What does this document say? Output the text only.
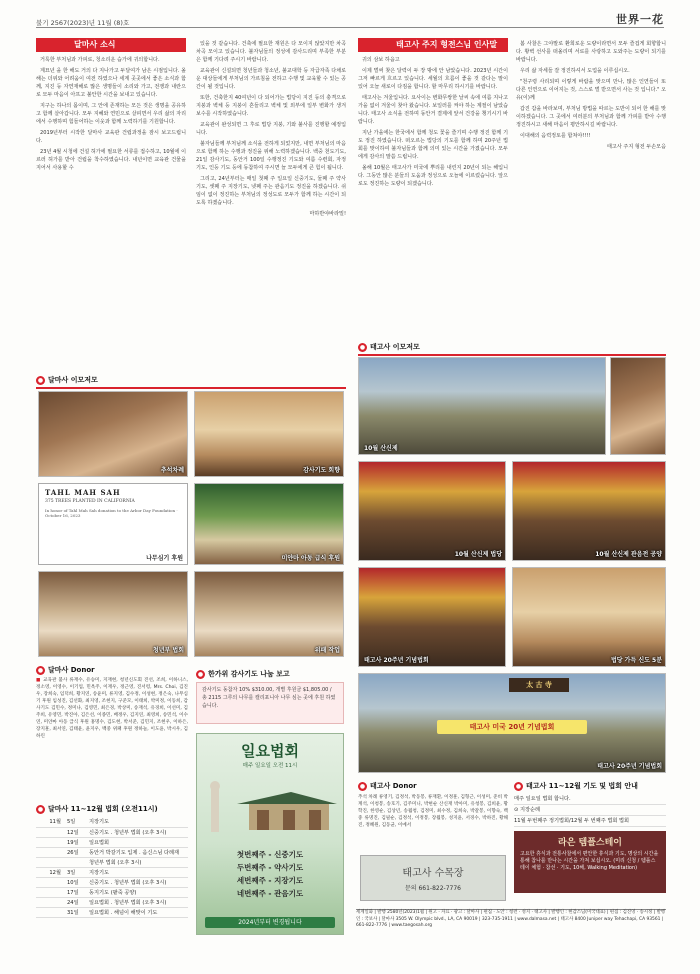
불기 2567(2023)년 11월 (8)호	世界一花
달마사 소식

거룩한 부처님과 가피로, 청소리운 습가에 귀의합니다.

계묘년 을 한 해도 거의 다 지나가고 두달여가 남은 시점입니다. 올해는 더위와 어려움이 여전 하였으나 세계 곳곳에서 좋은 소식과 함께, 지진 등 자연재해로 많은 생명들이 소리와 가고, 전쟁과 내란으로 모두 마음이 아프고 불안한 시간을 보내고 있습니다.

지구는 하나의 몸이며, 그 안에 존재하는 모든 것은 생명을 공유하고 함께 살아갑니다. 모두 지혜와 연민으로 살피면서 우리 삶의 자리에서 수행하며 힘들어하는 이웃과 함께 노력하기를 기원합니다.

2019년부터 시작한 달마사 교육관 건립과정을 잠시 보고드립니다.

23년 4월 시청에 건설 허가에 필요한 서류를 접수하고, 10월에 이르러 허가를 받아 건립을 착수하였습니다. 내년이면 교육관 건물을 지어서 사용할 수

있을 것 같습니다. 건축에 필요한 재원은 다 모이지 않았지만 차곡차곡 모이고 있습니다. 불자님들의 정성에 감사드리며 부족한 부분은 함께 기다려 주시기 바랍니다.

교육관이 신설되면 청년들과 청소년, 불교대학 등 자급자족 다채로운 대상들에게 부처님의 가르침을 전하고 수행 및 교육할 수 있는 공간이 될 것입니다.

또한, 건축한지 40여년이 다 되어가는 법당이 지진 등의 충격으로 지붕과 벽체 등 지붕이 흔들리고 벽체 및 외부에 일부 변화가 생겨 보수를 시작하였습니다.

교육관이 완성되면 그 후로 법당 지붕, 기와 불사를 진행할 예정입니다.

불자님들께 부처님께 소식을 전하게 되었지만, 내면 부처님의 마음으로 함께 하는 수행과 정진을 위해 노력하겠습니다. 백중 천도기도, 21일 감사기도, 동안거 100일 수행정진 기도와 여름 수련회, 자정기도, 인등 기도 등에 동참하여 주시면 늘 모두에게 큰 힘이 됩니다.

그리고, 24년부터는 매일 첫째 주 일요일 신중기도, 둘째 주 약사기도, 셋째 주 지장기도, 넷째 주는 관음기도 정진을 하겠습니다. 쉬임이 없이 정진하는 부처님의 정성도로 모두가 함께 하는 시간이 되도록 하겠습니다.

마하반야바라밀!

태고사 주지 형전스님 인사말

귀의 삼보 하옵고

이제 벌써 찾은 달력이 두 장 밖에 안 남았습니다. 2023년 시간이 그저 빠르게 흐르고 있습니다. 세월의 흐름이 좋을 것 같다는 말이 있어 오늘 새로이 다짐을 합니다. 할 마무리 하시기를 바랍니다.

태고사는 겨울입니다. 요사이는 변화무쌍한 날씨 속에 여름 지나고 가을 없이 겨울이 찾아 왔습니다. 보일러를 켜야 하는 계절이 남았습니다. 태고사 소식을 전하며 동안거 결제에 앞서 건강을 챙기시기 바랍니다.

지난 가을에는 한국에서 함께 청도 꽃을 즐기며 수행 정진 함께 기도 정진 하였습니다. 떠오르는 법당의 기도를 함께 하며 20주년 법회를 맞이하여 불자님들과 함께 의미 있는 시간을 가졌습니다. 모두에게 감사의 말씀 드립니다.

올해 10월은 태고사가 미국에 뿌리를 내린지 20년이 되는 해입니다. 그동안 많은 분들의 도움과 정성으로 오늘에 이르렀습니다. 앞으로도 정진하는 도량이 되겠습니다.

봄 사찰은 그야말로 환희로운 도량이라면서 모두 즐겁게 회향합니다. 황벽 선사를 떠올리며 서로를 사랑하고 도와주는 도량이 되기를 바랍니다.

우리 삶 자세들 잘 정진하셔서 도업을 이루십시오.

"천구령 사리되며 이렇게 바람을 맞으며 만나, 많은 인연들이 또 다른 인연으로 이어지는 것, 스스로 벌 받으면서 사는 것 입니다." 오유(이)께

갑진 갑을 바라보며, 부처님 방법을 따르는 도반이 되어 한 해를 맞이하겠습니다. 그 곳에서 여러분의 부처님과 함께 가피를 받아 수행정진하시고 새해 마음이 평안하시길 바랍니다.

이대해의 음력정토를 합쳐야!!!!

태고사 주지 형전 두손모음

● 달마사 이모저모
추석차례	감사기도 회향
TAHL MAH SAH
375 TREES PLANTED IN CALIFORNIA
In honor of Tahl Mah Sah donation to the Arbor Day Foundation · October 16, 2023
나무심기 후원	미얀마 아동 급식 후원
청년부 법회	위패 작업
● 태고사 이모저모
10월 산신제
10월 산신제 법당	10월 산신제 관음전 공양
태고사 20주년 기념법회	법당 가득 신도 5분
太 古 寺
태고사 미국 20년 기념법회
태고사 20주년 기념법회
● 달마사 Donor
■ 교육관 불사 류재수, 유승미, 지재현, 청년신도회 진선, 조희, 이하니스, 정소영, 이영수, 이기업, 민옥주, 이재우, 정근영, 진서령, Mrs. Choi, 김진우, 장희숙, 임덕희, 황지연, 송윤미, 류지영, 김수정, 이성현, 정은숙, 나무심기 후원 임성진, 김선화, 최지영, 조현지, 구준모, 이태희, 박미정, 이동희, 감사기도 김민수, 정미나, 김영민, 최은경, 박상미, 송재석, 유경희, 이선미, 김주희, 유영민, 박진아, 김은선, 이종민, 배정우, 김지연, 최영희, 송민석, 이수연, 미얀마 아동 급식 후원 홍명수, 김도현, 박서준, 김민지, 조현우, 이하은, 장지훈, 최서연, 김태윤, 윤지우, 백중 위패 후원 정하늘, 이도윤, 박시우, 김하린
● 한가위 감사기도 나눔 보고
감사기도 동참자 10% $310.00, 개별 후원금 $1,805.00 / 총 2115 그루의 나무를 캘리포니아 나무 심는 곳에 후원 하였습니다.
● 달마사 11~12월 법회 (오전11시)
11월	5일	지장기도
	12일	신중기도 . 청년부 법회 (오후 3시)
	19일	일요법회
	26일	동안거 박갈기도 입제 . 음신스님 다례재
		청년부 법회 (오후 3시)
12월	3일	지장기도
	10일	신중기도 . 청년부 법회 (오후 3시)
	17일	동지기도 (팥죽 공양)
	24일	일요법회 . 청년부 법회 (오후 3시)
	31일	일요법회 . 해넘이 해맞이 기도
일요법회
매주 일요일 오전 11시
첫번째주 - 신중기도
두번째주 - 약사기도
세번째주 - 지장기도
네번째주 - 관음기도
2024년부터 변경됩니다
● 태고사 Donor
추석 차례 류영기, 김정석, 박동봉, 류재환, 이정훈, 김형근, 이성미, 준비 박계석, 이청봉, 송호기, 김주미니, 박현순 산신재 박아미, 유청봉, 김희윤, 황학진, 한영순, 김상년, 송월청, 김정미, 최수정, 김희숙, 박갈봉, 이향숙, 백중 류명진, 김필순, 김정석, 이정봉, 장월봉, 성지윤, 서경수, 박하진, 황해진, 정혜원, 김동균, 이예서
태고사 수목장
문의 661-822-7776
● 태고사 11~12월 기도 및 법회 안내
매주 일요일 법회 합니다.
⊙ 지장순례
11월 두번째주 정기법회/12월 두 번째주 법회 법회
라은 템플스테이
고요한 휴식과 전통사찰에서 편안한 휴식과 기도, 명상의 시간을 통해 참나를 만나는 시간을 가져 보십시오. (미리 신청 / 템플스테이 체험 · 참선 · 기도, 10해, Walking Meditation)
세계일화 | 발행 2580년(2023)1월 | 원고 · 자료 · 광고 : 달마사 | 편집 · 도안 : 청련 · 성지 · 태고사 | 발행인 : 현감스님(미국대표) | 편집 : 김진영 · 송시정 | 발행인 : 국보사 | 달마사 3505 W. Olympic blvd., LA, CA 90019 | 323-735-1911 | www.dalmasa.net | 태고사 8400 Juniper way Tehachapi, CA 93561 | 661-822-7776 | www.taegosah.org
